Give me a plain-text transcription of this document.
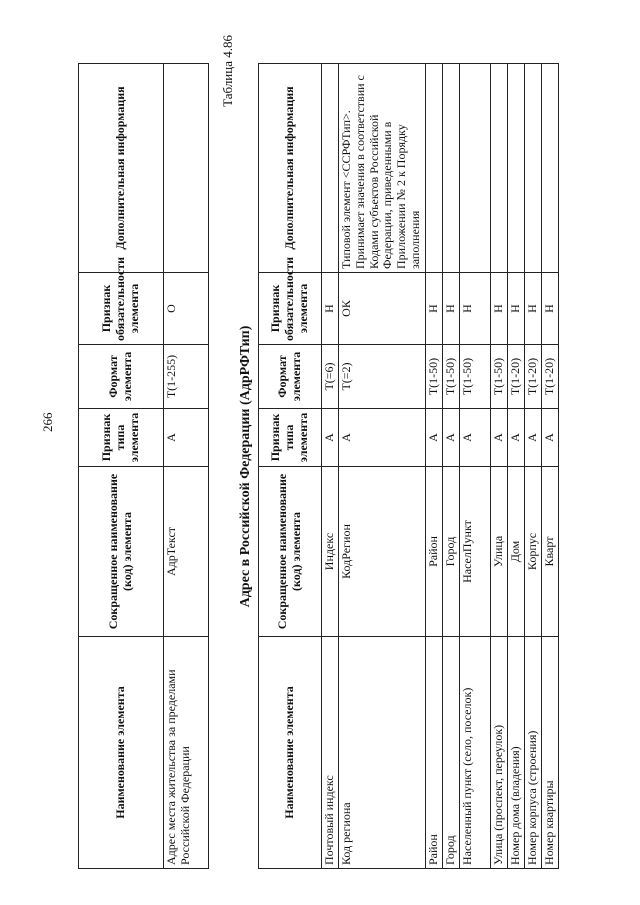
266
Наименование элемента	Сокращенное наименование (код) элемента	Признак типа элемента	Формат элемента	Признак обязательности элемента	Дополнительная информация
Адрес места жительства за пределами Российской Федерации	АдрТекст	А	Т(1-255)	О	
Таблица 4.86
Адрес в Российской Федерации (АдрРФТип)
Наименование элемента	Сокращенное наименование (код) элемента	Признак типа элемента	Формат элемента	Признак обязательности элемента	Дополнительная информация
Почтовый индекс	Индекс	А	T(=6)	Н	
Код региона	КодРегион	А	T(=2)	ОК	Типовой элемент <ССРФТип>. Принимает значения в соответствии с Кодами субъектов Российской Федерации, приведенными в Приложении № 2 к Порядку заполнения
Район	Район	А	T(1-50)	Н	
Город	Город	А	T(1-50)	Н	
Населенный пункт (село, поселок)	НаселПункт	А	T(1-50)	Н	
Улица (проспект, переулок)	Улица	А	T(1-50)	Н	
Номер дома (владения)	Дом	А	T(1-20)	Н	
Номер корпуса (строения)	Корпус	А	T(1-20)	Н	
Номер квартиры	Кварт	А	T(1-20)	Н	
